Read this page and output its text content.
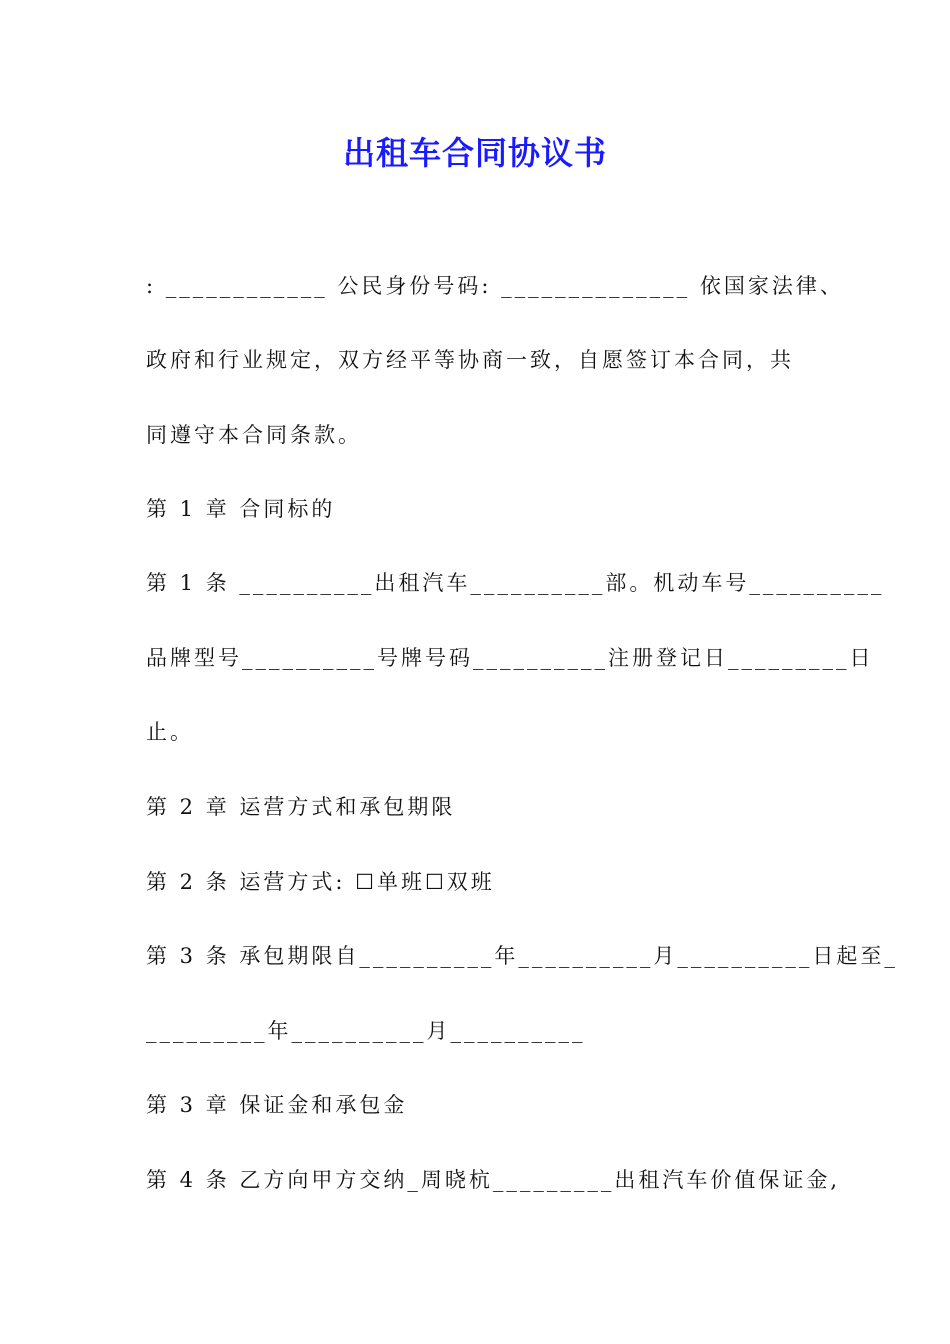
出租车合同协议书
: ____________ 公民身份号码: ______________ 依国家法律、
政府和行业规定，双方经平等协商一致，自愿签订本合同，共
同遵守本合同条款。
第 1 章 合同标的
第 1 条 __________出租汽车__________部。机动车号__________
品牌型号__________号牌号码__________注册登记日_________日
止。
第 2 章 运营方式和承包期限
第 2 条 运营方式: ☐单班☐双班
第 3 条 承包期限自__________年__________月__________日起至_
_________年__________月__________
第 3 章 保证金和承包金
第 4 条 乙方向甲方交纳_周晓杭_________出租汽车价值保证金,
